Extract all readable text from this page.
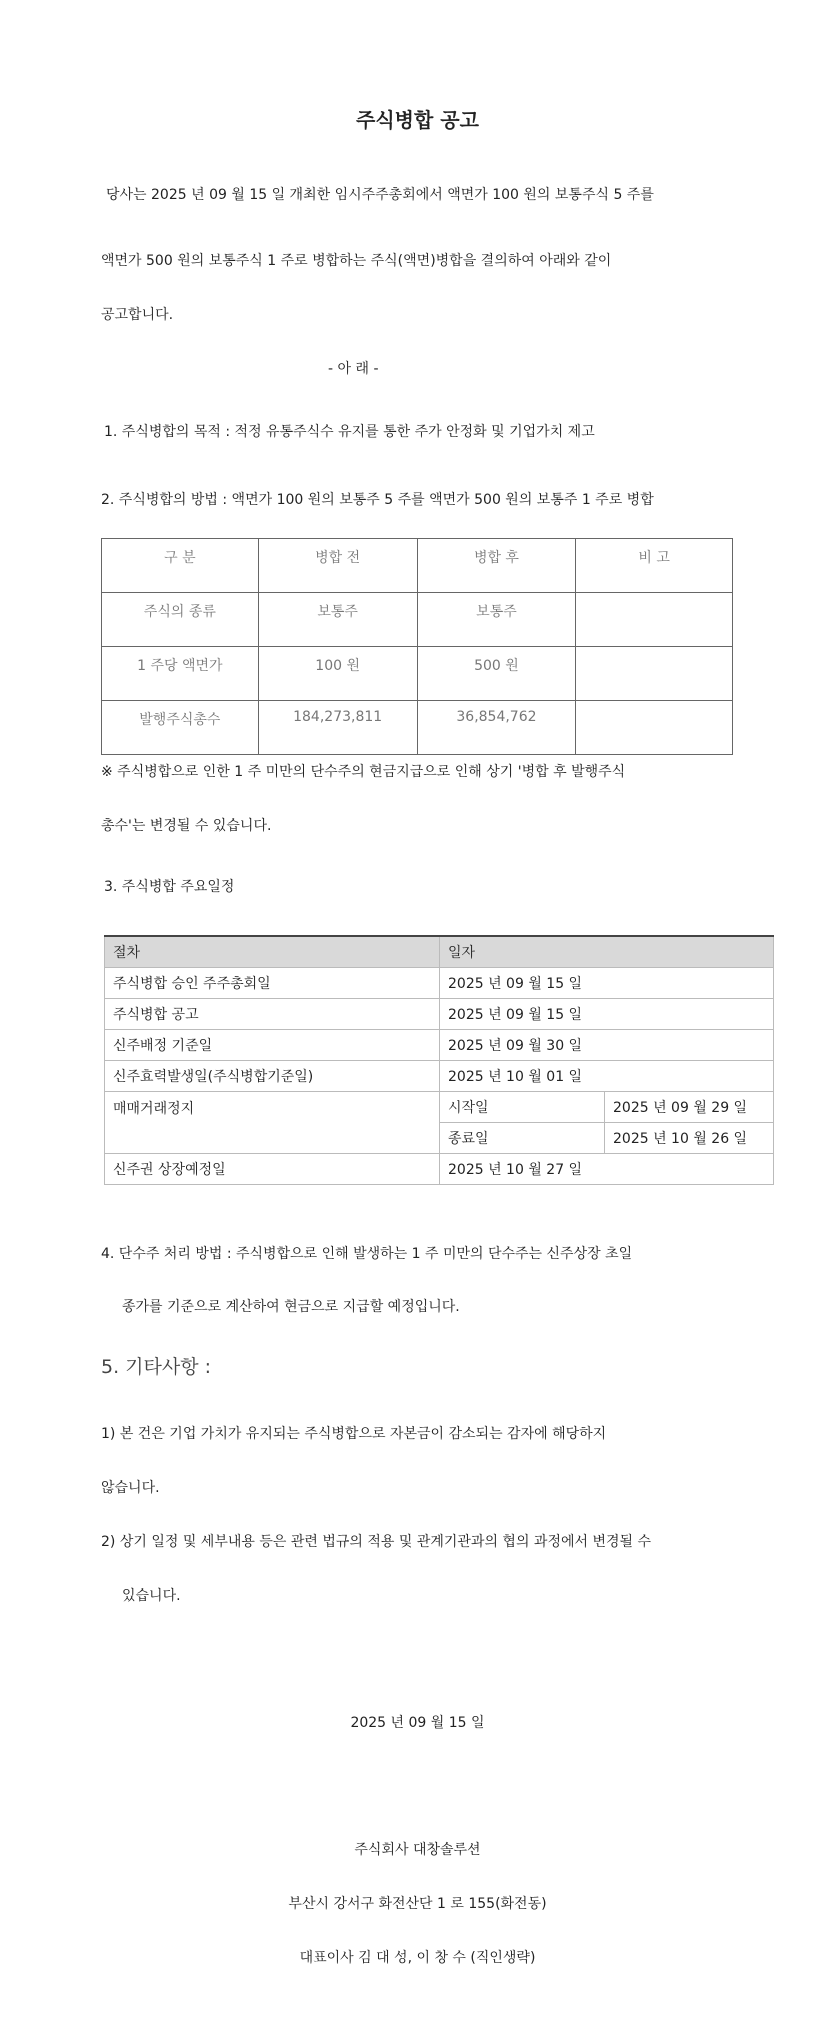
주식병합 공고
당사는 2025 년 09 월 15 일 개최한 임시주주총회에서 액면가 100 원의 보통주식 5 주를
액면가 500 원의 보통주식 1 주로 병합하는 주식(액면)병합을 결의하여 아래와 같이
공고합니다.
- 아 래 -
1. 주식병합의 목적 : 적정 유통주식수 유지를 통한 주가 안정화 및 기업가치 제고
2. 주식병합의 방법 : 액면가 100 원의 보통주 5 주를 액면가 500 원의 보통주 1 주로 병합
구 분	병합 전	병합 후	비 고
주식의 종류	보통주	보통주	
1 주당 액면가	100 원	500 원	
발행주식총수	184,273,811	36,854,762	
※ 주식병합으로 인한 1 주 미만의 단수주의 현금지급으로 인해 상기 '병합 후 발행주식
총수'는 변경될 수 있습니다.
3. 주식병합 주요일정
절차	일자	
주식병합 승인 주주총회일	2025 년 09 월 15 일	
주식병합 공고	2025 년 09 월 15 일	
신주배정 기준일	2025 년 09 월 30 일	
신주효력발생일(주식병합기준일)	2025 년 10 월 01 일	
매매거래정지	시작일	2025 년 09 월 29 일
	종료일	2025 년 10 월 26 일
신주권 상장예정일	2025 년 10 월 27 일	
4. 단수주 처리 방법 : 주식병합으로 인해 발생하는 1 주 미만의 단수주는 신주상장 초일
종가를 기준으로 계산하여 현금으로 지급할 예정입니다.
5. 기타사항 :
1) 본 건은 기업 가치가 유지되는 주식병합으로 자본금이 감소되는 감자에 해당하지
않습니다.
2) 상기 일정 및 세부내용 등은 관련 법규의 적용 및 관계기관과의 협의 과정에서 변경될 수
있습니다.
2025 년 09 월 15 일
주식회사 대창솔루션
부산시 강서구 화전산단 1 로 155(화전동)
대표이사 김 대 성, 이 창 수 (직인생략)
